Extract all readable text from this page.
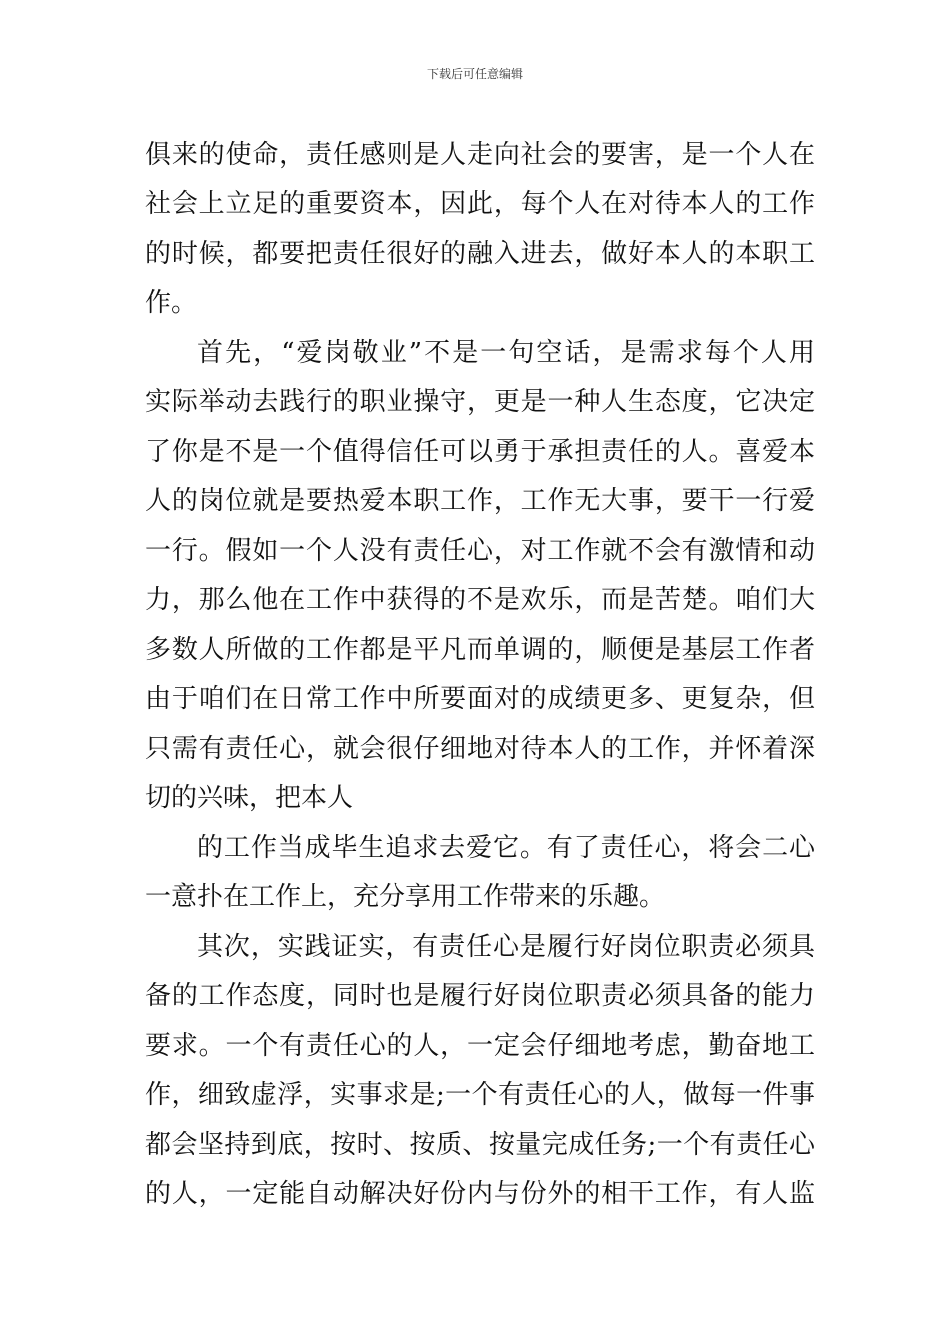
下载后可任意编辑
俱来的使命，责任感则是人走向社会的要害，是一个人在
社会上立足的重要资本，因此，每个人在对待本人的工作
的时候，都要把责任很好的融入进去，做好本人的本职工
作。
首先，“爱岗敬业”不是一句空话，是需求每个人用
实际举动去践行的职业操守，更是一种人生态度，它决定
了你是不是一个值得信任可以勇于承担责任的人。喜爱本
人的岗位就是要热爱本职工作，工作无大事，要干一行爱
一行。假如一个人没有责任心，对工作就不会有激情和动
力，那么他在工作中获得的不是欢乐，而是苦楚。咱们大
多数人所做的工作都是平凡而单调的，顺便是基层工作者
由于咱们在日常工作中所要面对的成绩更多、更复杂，但
只需有责任心，就会很仔细地对待本人的工作，并怀着深
切的兴味，把本人
的工作当成毕生追求去爱它。有了责任心，将会二心
一意扑在工作上，充分享用工作带来的乐趣。
其次，实践证实，有责任心是履行好岗位职责必须具
备的工作态度，同时也是履行好岗位职责必须具备的能力
要求。一个有责任心的人，一定会仔细地考虑，勤奋地工
作，细致虚浮，实事求是;一个有责任心的人，做每一件事
都会坚持到底，按时、按质、按量完成任务;一个有责任心
的人，一定能自动解决好份内与份外的相干工作，有人监
